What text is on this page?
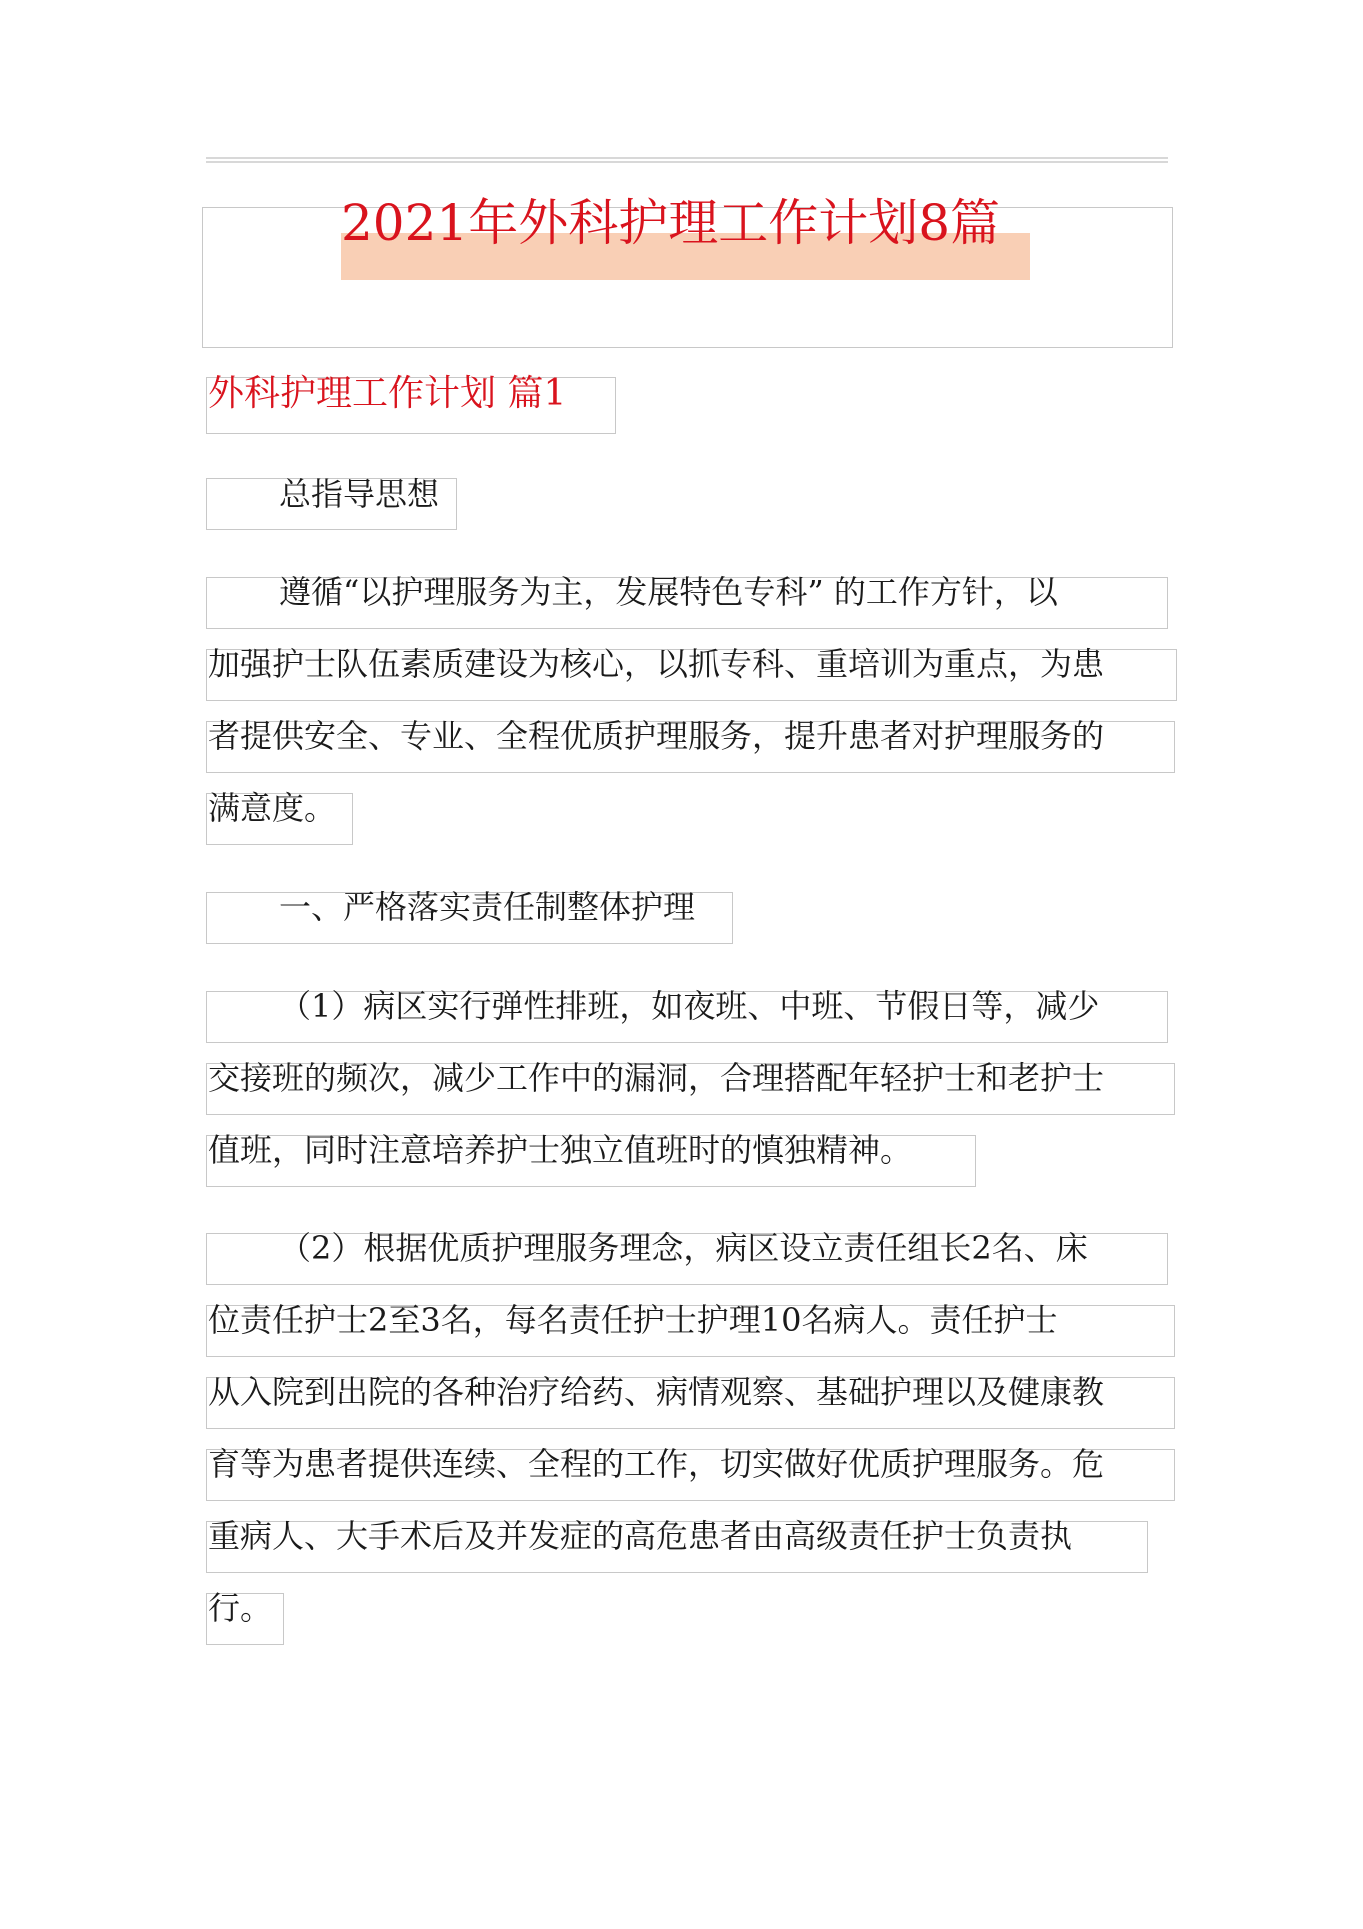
2021年外科护理工作计划8篇
外科护理工作计划 篇1
总指导思想
遵循“以护理服务为主，发展特色专科” 的工作方针，以
加强护士队伍素质建设为核心，以抓专科、重培训为重点，为患
者提供安全、专业、全程优质护理服务，提升患者对护理服务的
满意度。
一、严格落实责任制整体护理
（1）病区实行弹性排班，如夜班、中班、节假日等，减少
交接班的频次，减少工作中的漏洞，合理搭配年轻护士和老护士
值班，同时注意培养护士独立值班时的慎独精神。
（2）根据优质护理服务理念，病区设立责任组长2名、床
位责任护士2至3名，每名责任护士护理10名病人。责任护士
从入院到出院的各种治疗给药、病情观察、基础护理以及健康教
育等为患者提供连续、全程的工作，切实做好优质护理服务。危
重病人、大手术后及并发症的高危患者由高级责任护士负责执
行。
